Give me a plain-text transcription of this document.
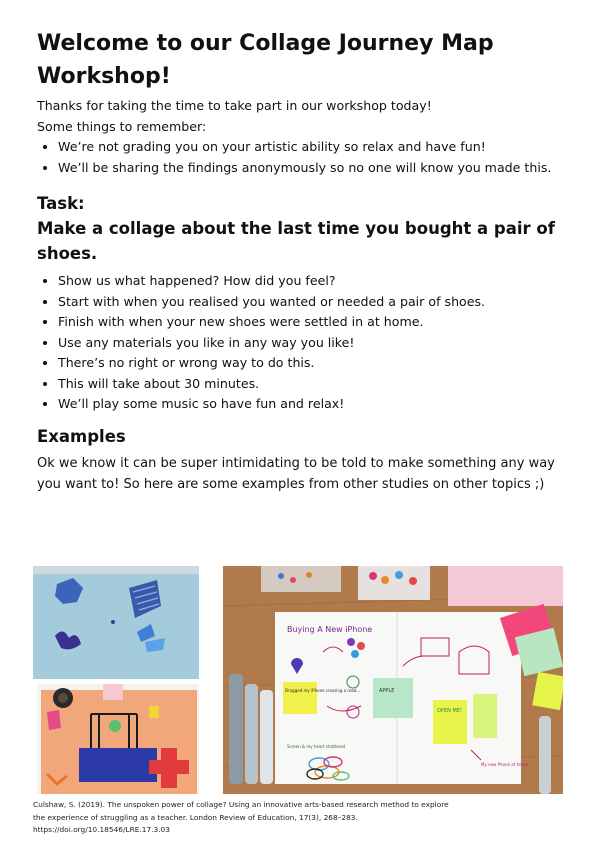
Welcome to our Collage Journey Map Workshop!

Thanks for taking the time to take part in our workshop today!

Some things to remember:

• We’re not grading you on your artistic ability so relax and have fun!
• We’ll be sharing the findings anonymously so no one will know you made this.
Task:

Make a collage about the last time you bought a pair of shoes.

• Show us what happened? How did you feel?
• Start with when you realised you wanted or needed a pair of shoes.
• Finish with when your new shoes were settled in at home.
• Use any materials you like in any way you like!
• There’s no right or wrong way to do this.
• This will take about 30 minutes.
• We’ll play some music so have fun and relax!
Examples

Ok we know it can be super intimidating to be told to make something any way you want to! So here are some examples from other studies on other topics ;)

Buying A New iPhone
Dragged my iPhone crossing a road...	APPLE
OPEN ME!
Screen & my heart shattered
My new Phone at home
Culshaw, S. (2019). The unspoken power of collage? Using an innovative arts-based research method to explore
the experience of struggling as a teacher. London Review of Education, 17(3), 268–283.
https://doi.org/10.18546/LRE.17.3.03
